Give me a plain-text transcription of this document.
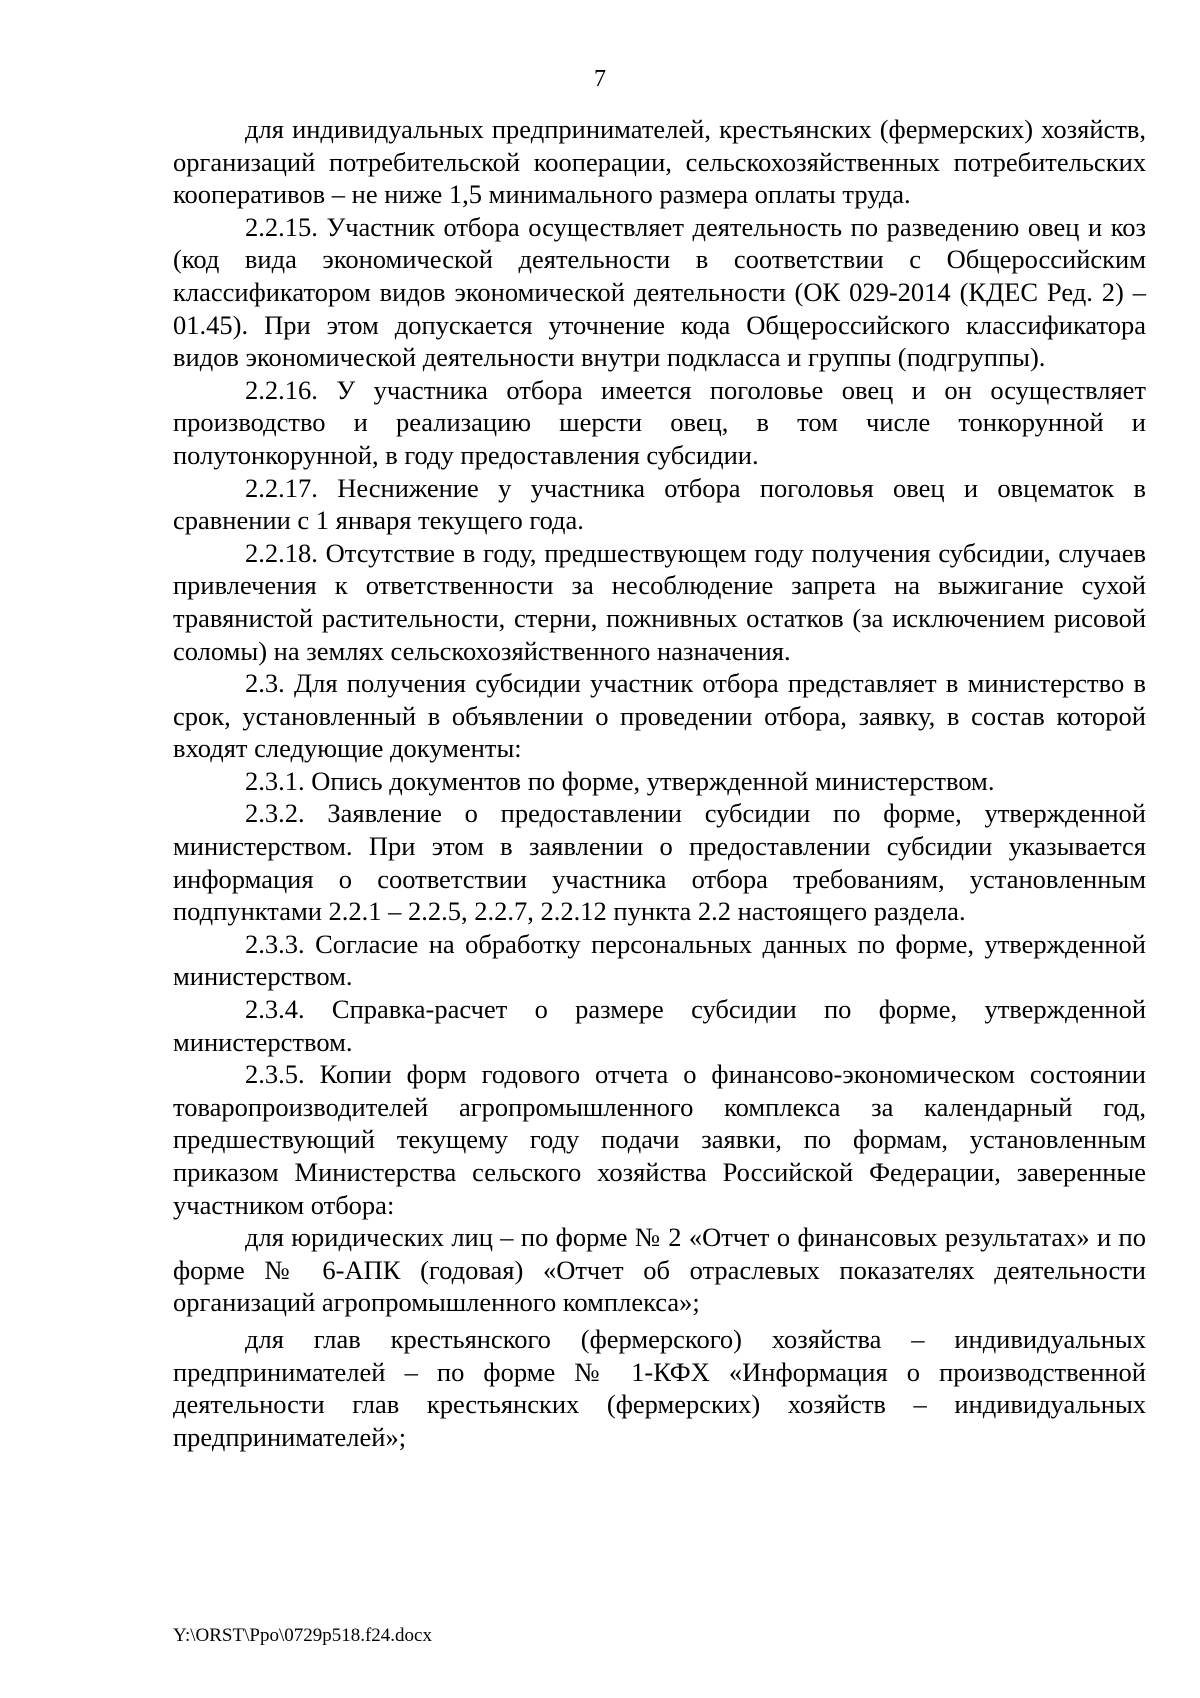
7

для индивидуальных предпринимателей, крестьянских (фермерских) хозяйств, организаций потребительской кооперации, сельскохозяйственных потребительских кооперативов – не ниже 1,5 минимального размера оплаты труда.

2.2.15. Участник отбора осуществляет деятельность по разведению овец и коз (код вида экономической деятельности в соответствии с Общероссийским классификатором видов экономической деятельности (ОК 029-2014 (КДЕС Ред. 2) – 01.45). При этом допускается уточнение кода Общероссийского классификатора видов экономической деятельности внутри подкласса и группы (подгруппы).

2.2.16. У участника отбора имеется поголовье овец и он осуществляет производство и реализацию шерсти овец, в том числе тонкорунной и полутонкорунной, в году предоставления субсидии.

2.2.17. Неснижение у участника отбора поголовья овец и овцематок в сравнении с 1 января текущего года.

2.2.18. Отсутствие в году, предшествующем году получения субсидии, случаев привлечения к ответственности за несоблюдение запрета на выжигание сухой травянистой растительности, стерни, пожнивных остатков (за исключением рисовой соломы) на землях сельскохозяйственного назначения.

2.3. Для получения субсидии участник отбора представляет в министерство в срок, установленный в объявлении о проведении отбора, заявку, в состав которой входят следующие документы:

2.3.1. Опись документов по форме, утвержденной министерством.

2.3.2. Заявление о предоставлении субсидии по форме, утвержденной министерством. При этом в заявлении о предоставлении субсидии указывается информация о соответствии участника отбора требованиям, установленным подпунктами 2.2.1 – 2.2.5, 2.2.7, 2.2.12 пункта 2.2 настоящего раздела.

2.3.3. Согласие на обработку персональных данных по форме, утвержденной министерством.

2.3.4. Справка-расчет о размере субсидии по форме, утвержденной министерством.

2.3.5. Копии форм годового отчета о финансово-экономическом состоянии товаропроизводителей агропромышленного комплекса за календарный год, предшествующий текущему году подачи заявки, по формам, установленным приказом Министерства сельского хозяйства Российской Федерации, заверенные участником отбора:

для юридических лиц – по форме № 2 «Отчет о финансовых результатах» и по форме № 6-АПК (годовая) «Отчет об отраслевых показателях деятельности организаций агропромышленного комплекса»;

для глав крестьянского (фермерского) хозяйства – индивидуальных предпринимателей – по форме № 1-КФХ «Информация о производственной деятельности глав крестьянских (фермерских) хозяйств – индивидуальных предпринимателей»;

Y:\ORST\Ppo\0729p518.f24.docx
